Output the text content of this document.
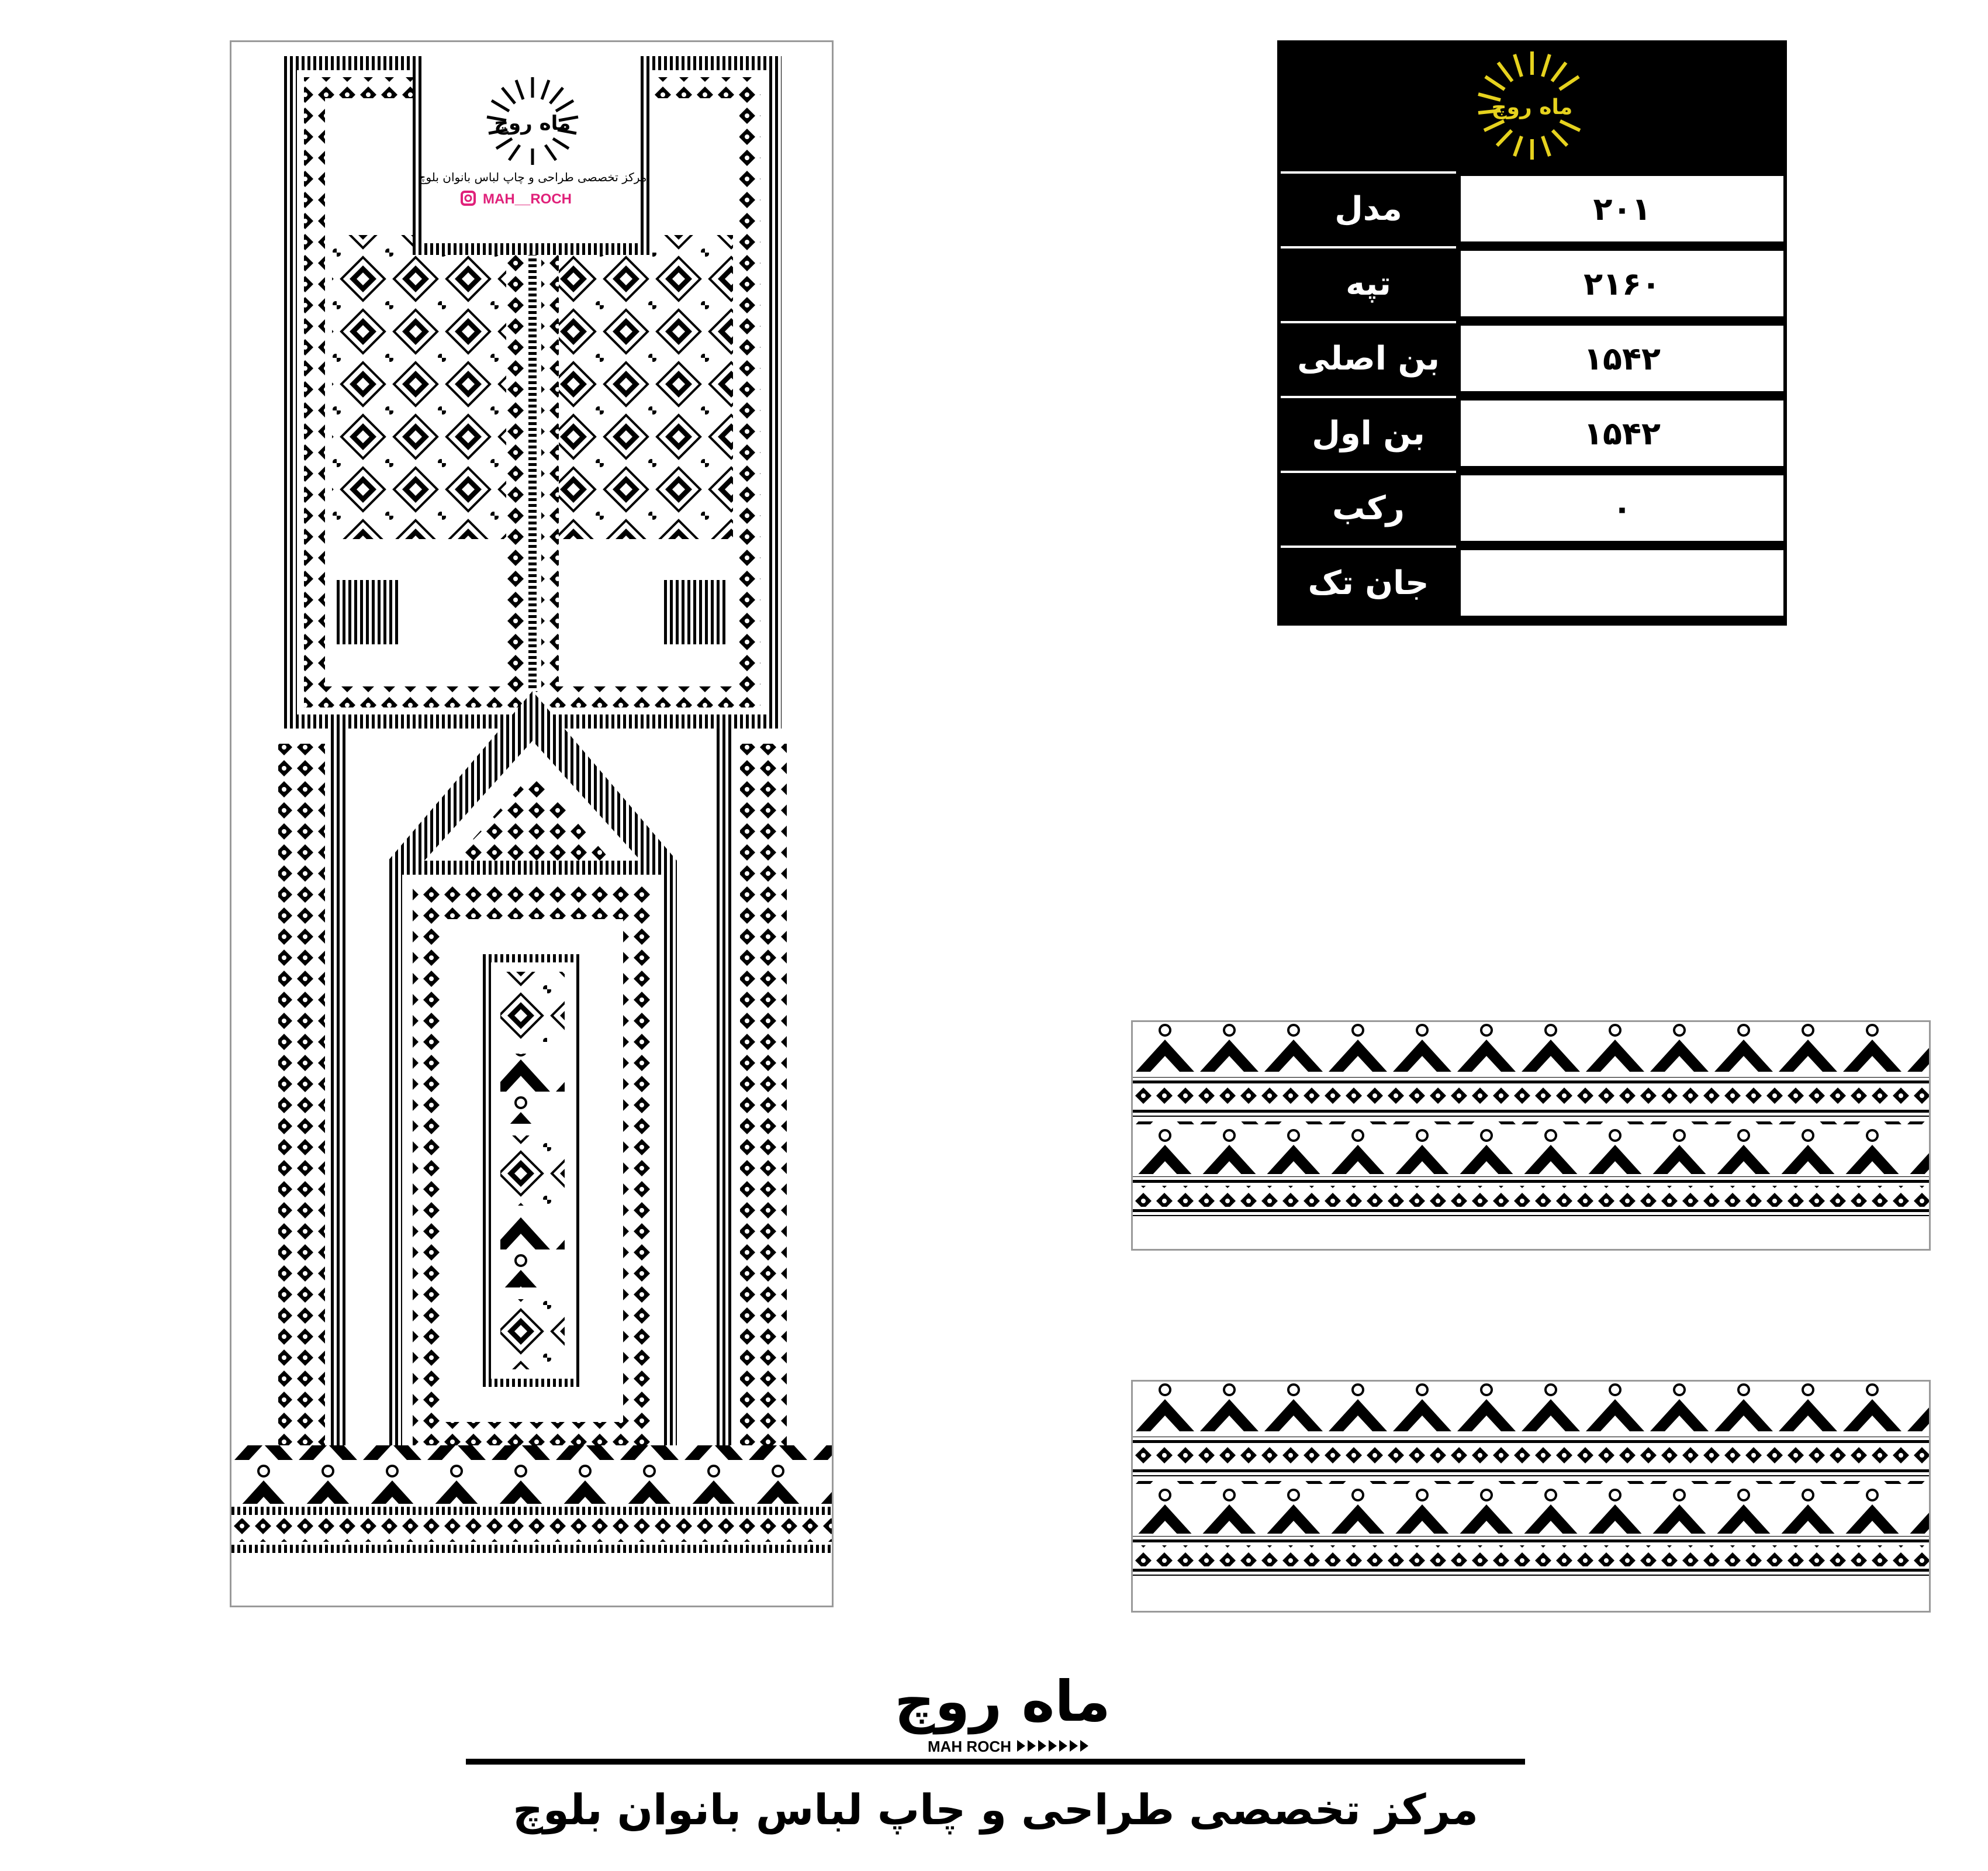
ماه روچ
مرکز تخصصی طراحی و چاپ لباس بانوان بلوچ
MAH__ROCH
ماه روچ
مدل	۲۰۱
تپه	۲۱۶۰
بن اصلی	۱۵۴۲
بن اول	۱۵۴۲
رکب	۰
جان تک
ماه روچ
MAH ROCH
مرکز تخصصی طراحی و چاپ لباس بانوان بلوچ
